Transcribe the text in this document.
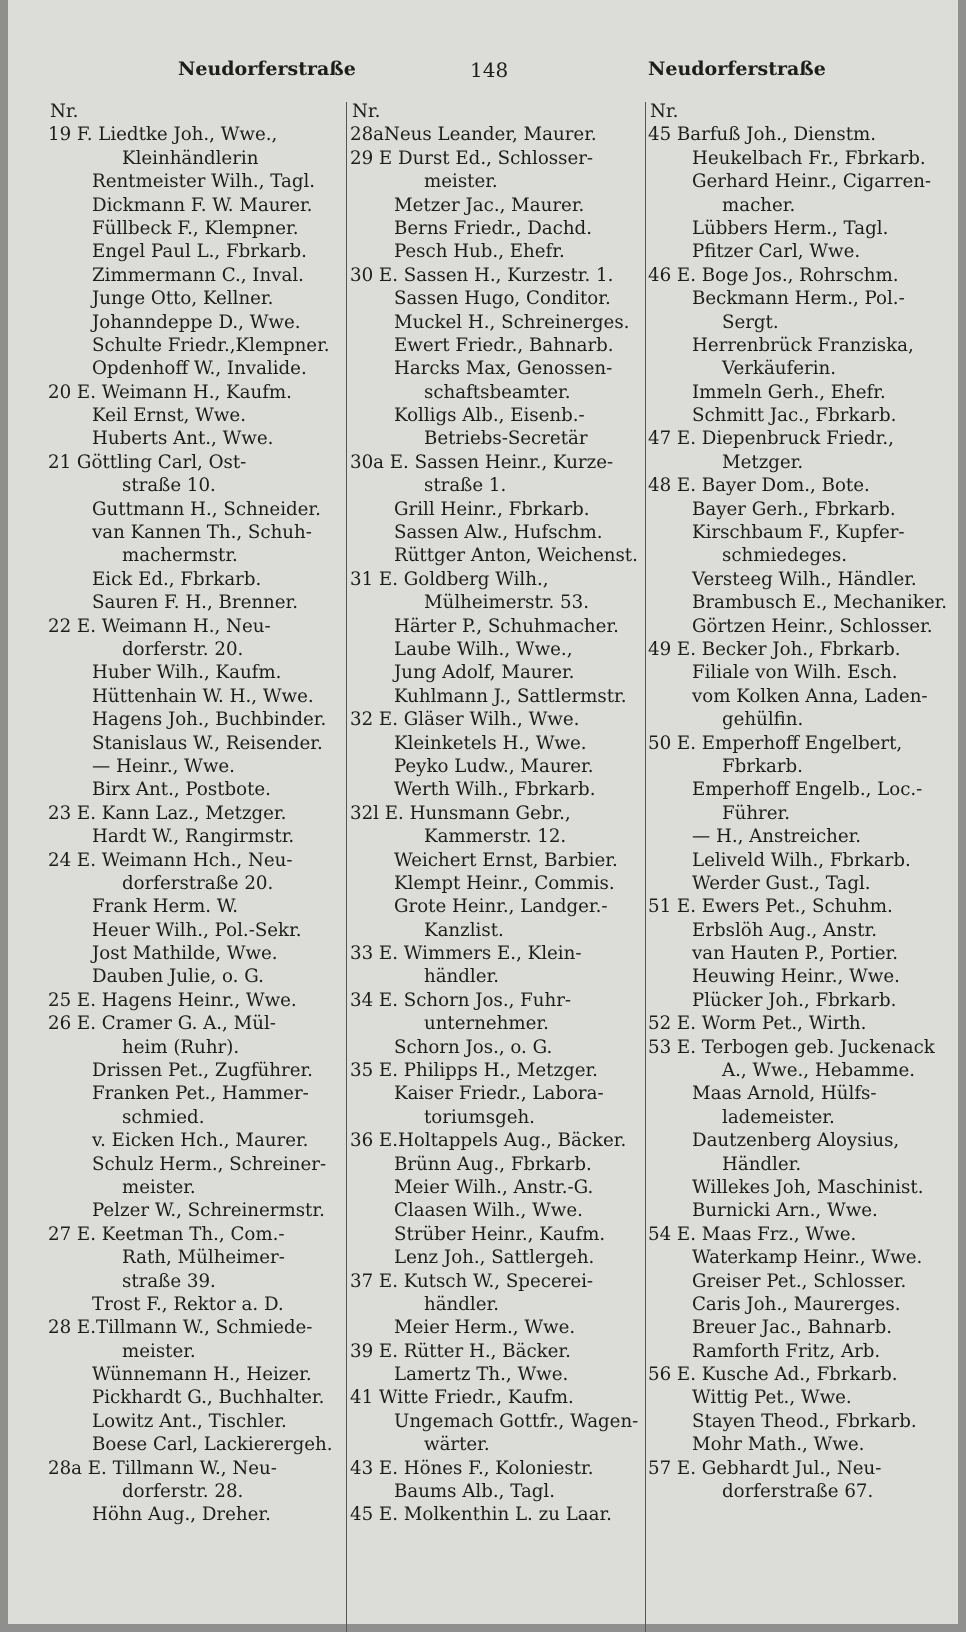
Neudorferstraße	148	Neudorferstraße
Nr.
19 F. Liedtke Joh., Wwe.,
Kleinhändlerin
Rentmeister Wilh., Tagl.
Dickmann F. W. Maurer.
Füllbeck F., Klempner.
Engel Paul L., Fbrkarb.
Zimmermann C., Inval.
Junge Otto, Kellner.
Johanndeppe D., Wwe.
Schulte Friedr.,Klempner.
Opdenhoff W., Invalide.
20 E. Weimann H., Kaufm.
Keil Ernst, Wwe.
Huberts Ant., Wwe.
21 Göttling Carl, Ost-
straße 10.
Guttmann H., Schneider.
van Kannen Th., Schuh-
machermstr.
Eick Ed., Fbrkarb.
Sauren F. H., Brenner.
22 E. Weimann H., Neu-
dorferstr. 20.
Huber Wilh., Kaufm.
Hüttenhain W. H., Wwe.
Hagens Joh., Buchbinder.
Stanislaus W., Reisender.
— Heinr., Wwe.
Birx Ant., Postbote.
23 E. Kann Laz., Metzger.
Hardt W., Rangirmstr.
24 E. Weimann Hch., Neu-
dorferstraße 20.
Frank Herm. W.
Heuer Wilh., Pol.-Sekr.
Jost Mathilde, Wwe.
Dauben Julie, o. G.
25 E. Hagens Heinr., Wwe.
26 E. Cramer G. A., Mül-
heim (Ruhr).
Drissen Pet., Zugführer.
Franken Pet., Hammer-
schmied.
v. Eicken Hch., Maurer.
Schulz Herm., Schreiner-
meister.
Pelzer W., Schreinermstr.
27 E. Keetman Th., Com.-
Rath, Mülheimer-
straße 39.
Trost F., Rektor a. D.
28 E.Tillmann W., Schmiede-
meister.
Wünnemann H., Heizer.
Pickhardt G., Buchhalter.
Lowitz Ant., Tischler.
Boese Carl, Lackierergeh.
28a E. Tillmann W., Neu-
dorferstr. 28.
Höhn Aug., Dreher.
Nr.
28aNeus Leander, Maurer.
29 E Durst Ed., Schlosser-
meister.
Metzer Jac., Maurer.
Berns Friedr., Dachd.
Pesch Hub., Ehefr.
30 E. Sassen H., Kurzestr. 1.
Sassen Hugo, Conditor.
Muckel H., Schreinerges.
Ewert Friedr., Bahnarb.
Harcks Max, Genossen-
schaftsbeamter.
Kolligs Alb., Eisenb.-
Betriebs-Secretär
30a E. Sassen Heinr., Kurze-
straße 1.
Grill Heinr., Fbrkarb.
Sassen Alw., Hufschm.
Rüttger Anton, Weichenst.
31 E. Goldberg Wilh.,
Mülheimerstr. 53.
Härter P., Schuhmacher.
Laube Wilh., Wwe.,
Jung Adolf, Maurer.
Kuhlmann J., Sattlermstr.
32 E. Gläser Wilh., Wwe.
Kleinketels H., Wwe.
Peyko Ludw., Maurer.
Werth Wilh., Fbrkarb.
32l E. Hunsmann Gebr.,
Kammerstr. 12.
Weichert Ernst, Barbier.
Klempt Heinr., Commis.
Grote Heinr., Landger.-
Kanzlist.
33 E. Wimmers E., Klein-
händler.
34 E. Schorn Jos., Fuhr-
unternehmer.
Schorn Jos., o. G.
35 E. Philipps H., Metzger.
Kaiser Friedr., Labora-
toriumsgeh.
36 E.Holtappels Aug., Bäcker.
Brünn Aug., Fbrkarb.
Meier Wilh., Anstr.-G.
Claasen Wilh., Wwe.
Strüber Heinr., Kaufm.
Lenz Joh., Sattlergeh.
37 E. Kutsch W., Specerei-
händler.
Meier Herm., Wwe.
39 E. Rütter H., Bäcker.
Lamertz Th., Wwe.
41 Witte Friedr., Kaufm.
Ungemach Gottfr., Wagen-
wärter.
43 E. Hönes F., Koloniestr.
Baums Alb., Tagl.
45 E. Molkenthin L. zu Laar.
Nr.
45 Barfuß Joh., Dienstm.
Heukelbach Fr., Fbrkarb.
Gerhard Heinr., Cigarren-
macher.
Lübbers Herm., Tagl.
Pfitzer Carl, Wwe.
46 E. Boge Jos., Rohrschm.
Beckmann Herm., Pol.-
Sergt.
Herrenbrück Franziska,
Verkäuferin.
Immeln Gerh., Ehefr.
Schmitt Jac., Fbrkarb.
47 E. Diepenbruck Friedr.,
Metzger.
48 E. Bayer Dom., Bote.
Bayer Gerh., Fbrkarb.
Kirschbaum F., Kupfer-
schmiedeges.
Versteeg Wilh., Händler.
Brambusch E., Mechaniker.
Görtzen Heinr., Schlosser.
49 E. Becker Joh., Fbrkarb.
Filiale von Wilh. Esch.
vom Kolken Anna, Laden-
gehülfin.
50 E. Emperhoff Engelbert,
Fbrkarb.
Emperhoff Engelb., Loc.-
Führer.
— H., Anstreicher.
Leliveld Wilh., Fbrkarb.
Werder Gust., Tagl.
51 E. Ewers Pet., Schuhm.
Erbslöh Aug., Anstr.
van Hauten P., Portier.
Heuwing Heinr., Wwe.
Plücker Joh., Fbrkarb.
52 E. Worm Pet., Wirth.
53 E. Terbogen geb. Juckenack
A., Wwe., Hebamme.
Maas Arnold, Hülfs-
lademeister.
Dautzenberg Aloysius,
Händler.
Willekes Joh, Maschinist.
Burnicki Arn., Wwe.
54 E. Maas Frz., Wwe.
Waterkamp Heinr., Wwe.
Greiser Pet., Schlosser.
Caris Joh., Maurerges.
Breuer Jac., Bahnarb.
Ramforth Fritz, Arb.
56 E. Kusche Ad., Fbrkarb.
Wittig Pet., Wwe.
Stayen Theod., Fbrkarb.
Mohr Math., Wwe.
57 E. Gebhardt Jul., Neu-
dorferstraße 67.
